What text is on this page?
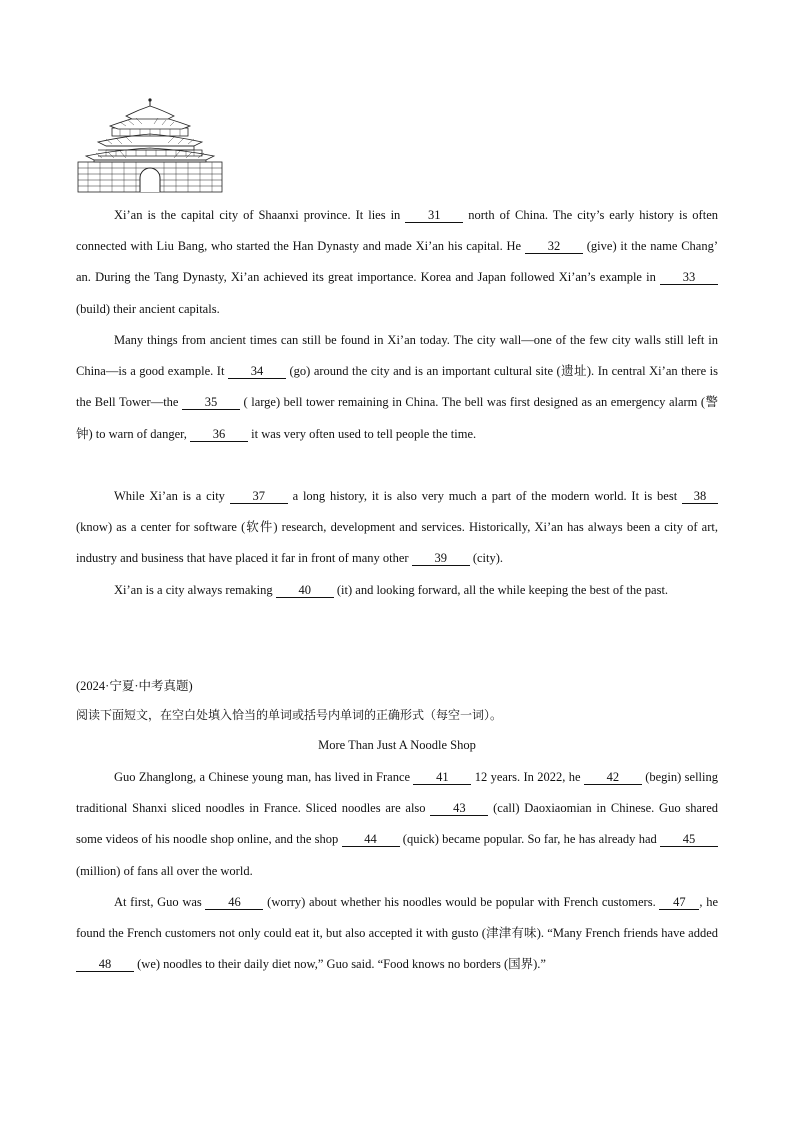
Xi’an is the capital city of Shaanxi province. It lies in 31 north of China. The city’s early history is often connected with Liu Bang, who started the Han Dynasty and made Xi’an his capital. He 32 (give) it the name Chang’ an. During the Tang Dynasty, Xi’an achieved its great importance. Korea and Japan followed Xi’an’s example in 33 (build) their ancient capitals.

Many things from ancient times can still be found in Xi’an today. The city wall—one of the few city walls still left in China—is a good example. It 34 (go) around the city and is an important cultural site (遗址). In central Xi’an there is the Bell Tower—the 35 ( large) bell tower remaining in China. The bell was first designed as an emergency alarm (警钟) to warn of danger, 36 it was very often used to tell people the time.

While Xi’an is a city 37 a long history, it is also very much a part of the modern world. It is best 38 (know) as a center for software (软件) research, development and services. Historically, Xi’an has always been a city of art, industry and business that have placed it far in front of many other 39 (city).

Xi’an is a city always remaking 40 (it) and looking forward, all the while keeping the best of the past.

(2024·宁夏·中考真题)

阅读下面短文，在空白处填入恰当的单词或括号内单词的正确形式（每空一词）。

More Than Just A Noodle Shop

Guo Zhanglong, a Chinese young man, has lived in France 41 12 years. In 2022, he 42 (begin) selling traditional Shanxi sliced noodles in France. Sliced noodles are also 43 (call) Daoxiaomian in Chinese. Guo shared some videos of his noodle shop online, and the shop 44 (quick) became popular. So far, he has already had 45 (million) of fans all over the world.

At first, Guo was 46 (worry) about whether his noodles would be popular with French customers. 47 , he found the French customers not only could eat it, but also accepted it with gusto (津津有味). “Many French friends have added 48 (we) noodles to their daily diet now,” Guo said. “Food knows no borders (国界).”
